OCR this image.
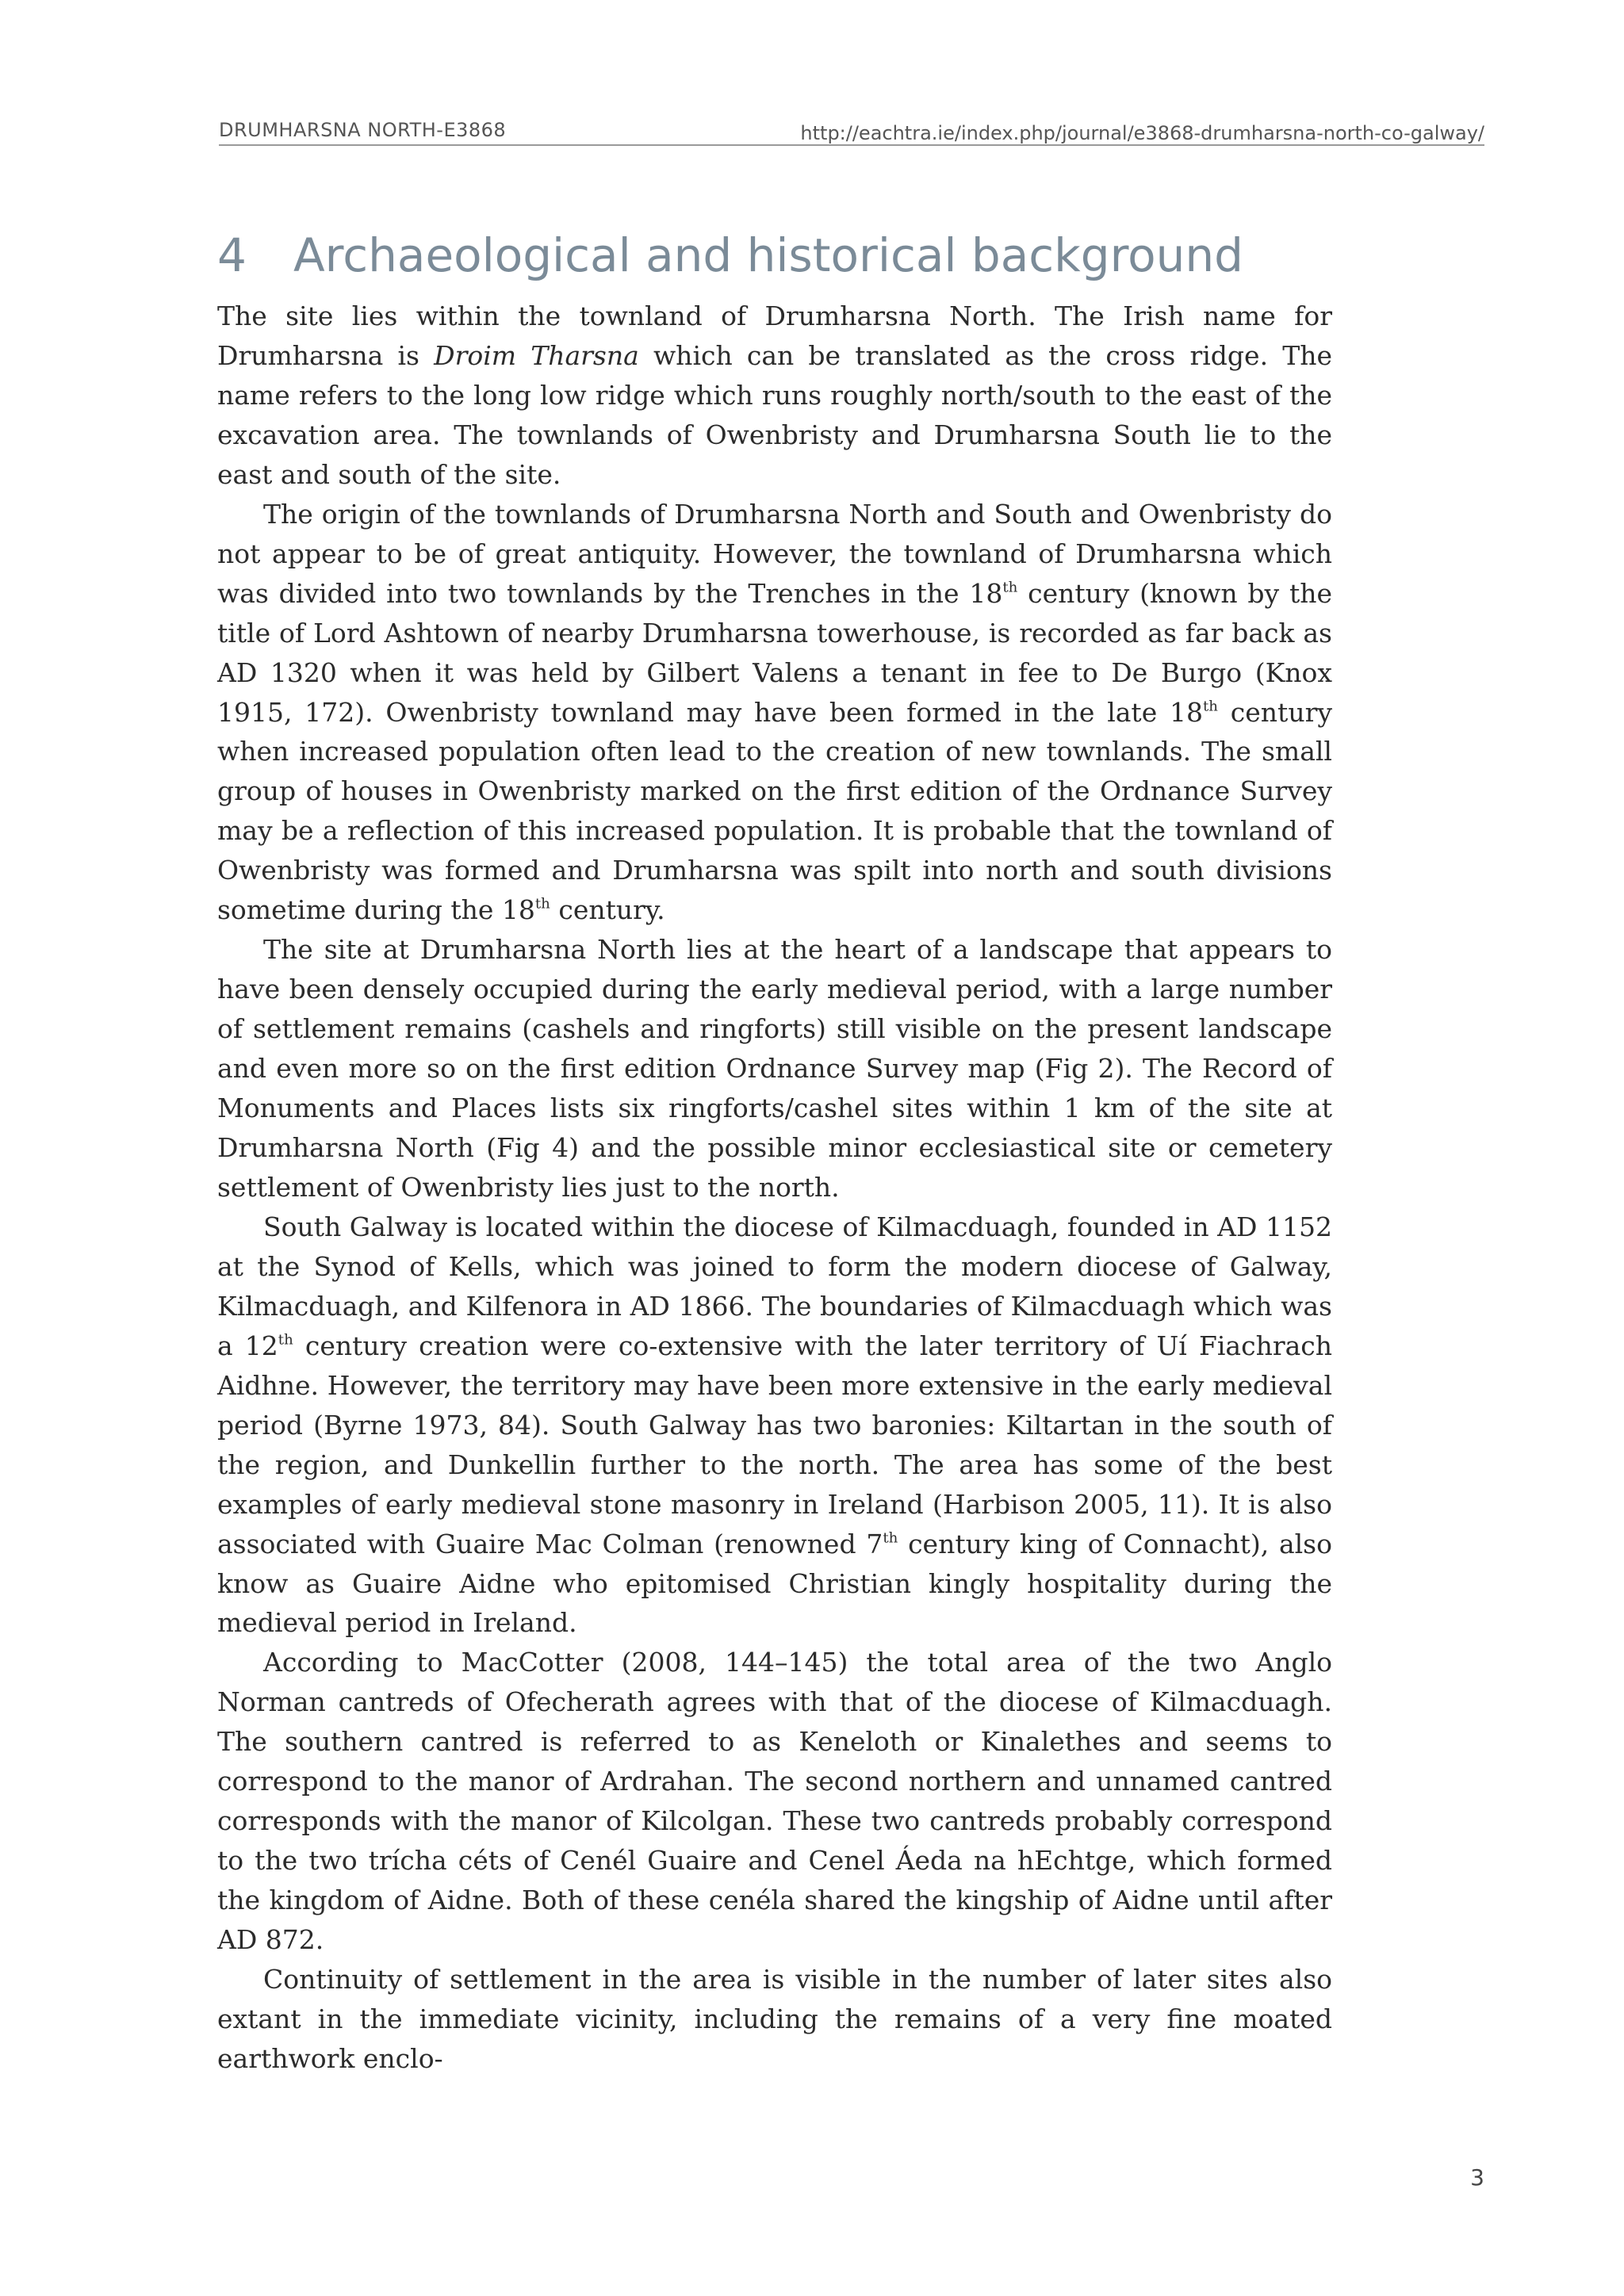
DRUMHARSNA NORTH-E3868	http://eachtra.ie/index.php/journal/e3868-drumharsna-north-co-galway/
4 Archaeological and historical background

The site lies within the townland of Drumharsna North. The Irish name for Drumharsna is Droim Tharsna which can be translated as the cross ridge. The name refers to the long low ridge which runs roughly north/south to the east of the excavation area. The townlands of Owenbristy and Drumharsna South lie to the east and south of the site.

The origin of the townlands of Drumharsna North and South and Owenbristy do not appear to be of great antiquity. However, the townland of Drumharsna which was divided into two townlands by the Trenches in the 18th century (known by the title of Lord Ashtown of nearby Drumharsna towerhouse, is recorded as far back as AD 1320 when it was held by Gilbert Valens a tenant in fee to De Burgo (Knox 1915, 172). Owenbristy townland may have been formed in the late 18th century when increased population often lead to the creation of new townlands. The small group of houses in Owenbristy marked on the first edition of the Ordnance Survey may be a reflection of this increased population. It is probable that the townland of Owenbristy was formed and Drumharsna was spilt into north and south divisions sometime during the 18th century.

The site at Drumharsna North lies at the heart of a landscape that appears to have been densely occupied during the early medieval period, with a large number of settlement remains (cashels and ringforts) still visible on the present landscape and even more so on the first edition Ordnance Survey map (Fig 2). The Record of Monuments and Places lists six ringforts/cashel sites within 1 km of the site at Drumharsna North (Fig 4) and the possible minor ecclesiastical site or cemetery settlement of Owenbristy lies just to the north.

South Galway is located within the diocese of Kilmacduagh, founded in AD 1152 at the Synod of Kells, which was joined to form the modern diocese of Galway, Kilmacduagh, and Kilfenora in AD 1866. The boundaries of Kilmacduagh which was a 12th century creation were co-extensive with the later territory of Uí Fiachrach Aidhne. However, the territory may have been more extensive in the early medieval period (Byrne 1973, 84). South Galway has two baronies: Kiltartan in the south of the region, and Dunkellin further to the north. The area has some of the best examples of early medieval stone masonry in Ireland (Harbison 2005, 11). It is also associated with Guaire Mac Colman (renowned 7th century king of Connacht), also know as Guaire Aidne who epitomised Christian kingly hospitality during the medieval period in Ireland.

According to MacCotter (2008, 144–145) the total area of the two Anglo Norman cantreds of Ofecherath agrees with that of the diocese of Kilmacduagh. The southern cantred is referred to as Keneloth or Kinalethes and seems to correspond to the manor of Ardrahan. The second northern and unnamed cantred corresponds with the manor of Kilcolgan. These two cantreds probably correspond to the two trícha céts of Cenél Guaire and Cenel Áeda na hEchtge, which formed the kingdom of Aidne. Both of these cenéla shared the kingship of Aidne until after AD 872.

Continuity of settlement in the area is visible in the number of later sites also extant in the immediate vicinity, including the remains of a very fine moated earthwork enclo-

3
